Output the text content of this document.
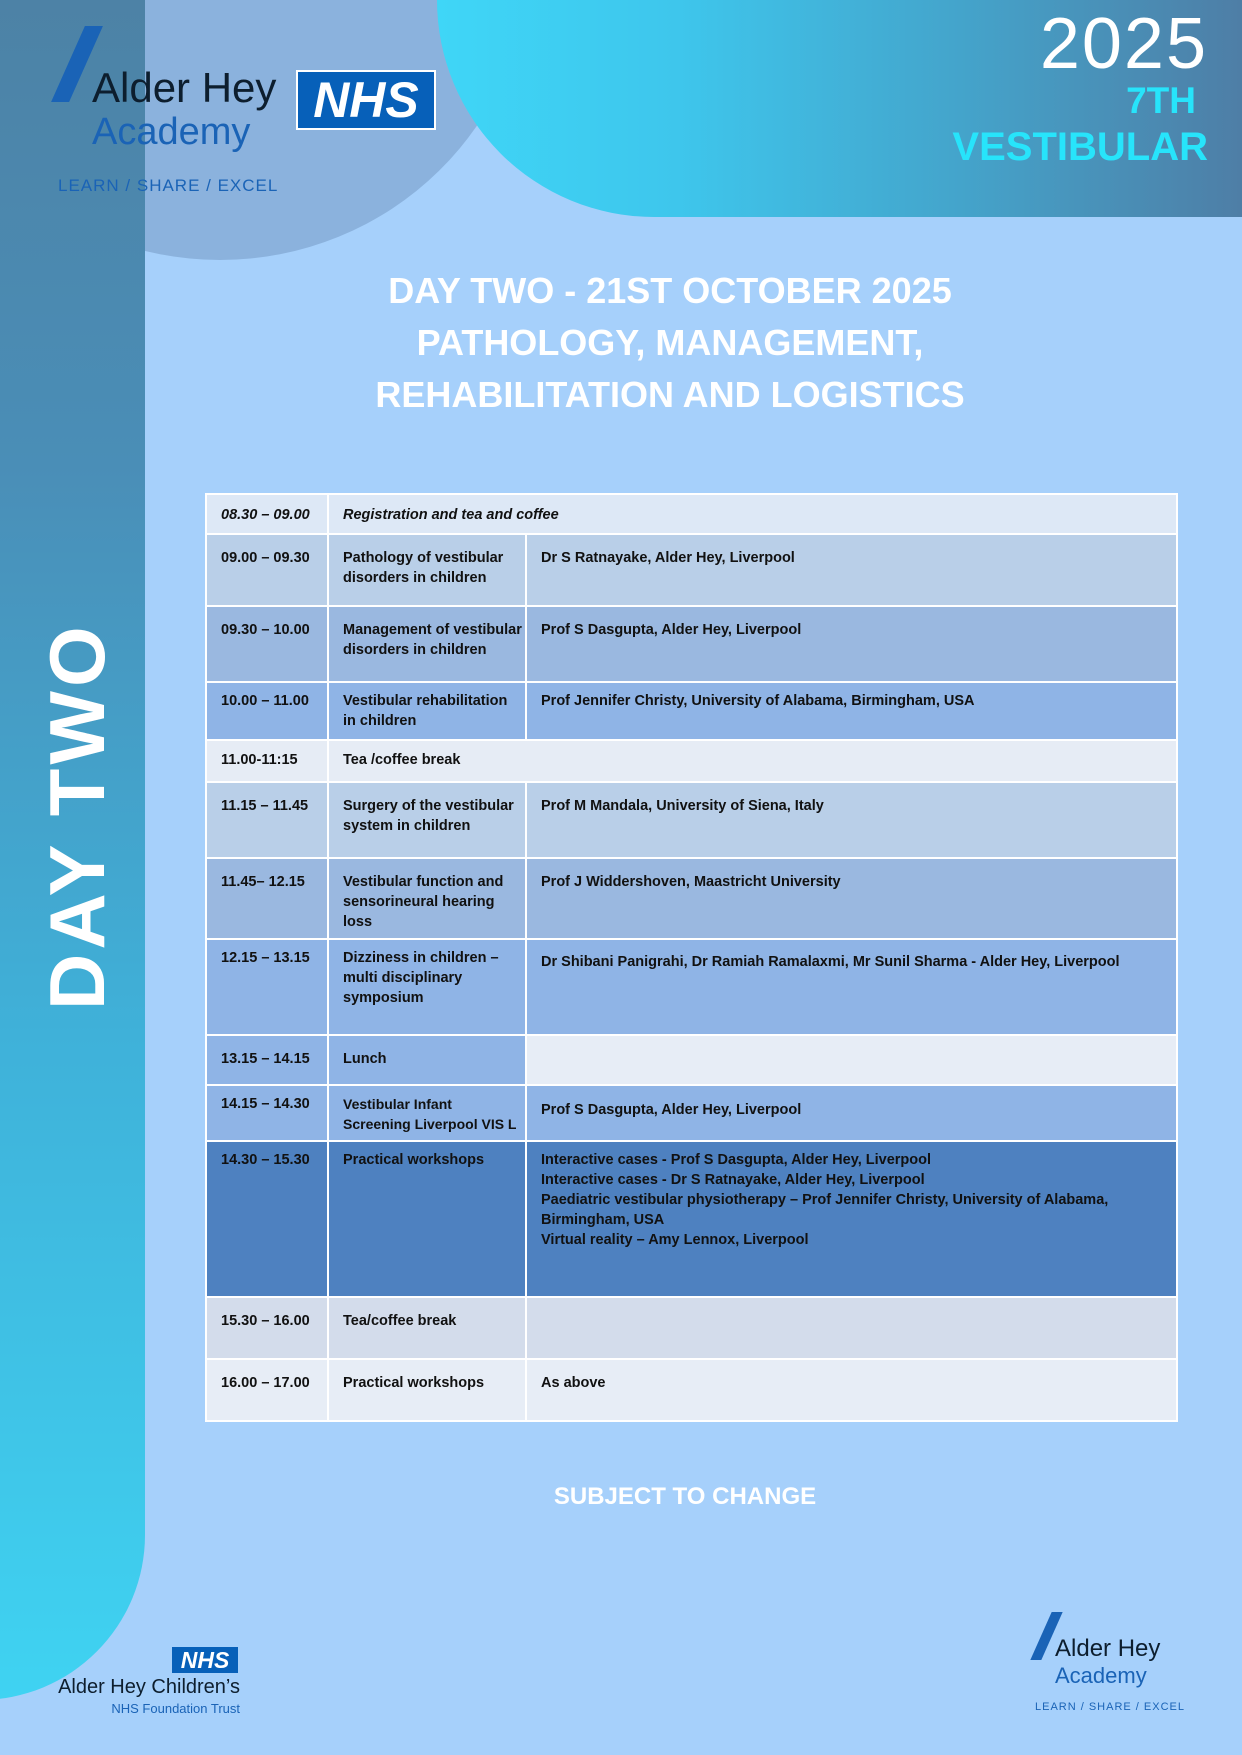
Alder Hey
Academy
LEARN / SHARE / EXCEL
NHS
2025
7TH
VESTIBULAR
DAY TWO - 21ST OCTOBER 2025
PATHOLOGY, MANAGEMENT,
REHABILITATION AND LOGISTICS
DAY TWO
08.30 – 09.00	Registration and tea and coffee	
09.00 – 09.30	Pathology of vestibular disorders in children	Dr S Ratnayake, Alder Hey, Liverpool
09.30 – 10.00	Management of vestibular disorders in children	Prof S Dasgupta, Alder Hey, Liverpool
10.00 – 11.00	Vestibular rehabilitation in children	Prof Jennifer Christy, University of Alabama, Birmingham, USA
11.00-11:15	Tea /coffee break	
11.15 – 11.45	Surgery of the vestibular system in children	Prof M Mandala, University of Siena, Italy
11.45– 12.15	Vestibular function and sensorineural hearing loss	Prof J Widdershoven, Maastricht University
12.15 – 13.15	Dizziness in children – multi disciplinary symposium	Dr Shibani Panigrahi, Dr Ramiah Ramalaxmi, Mr Sunil Sharma - Alder Hey, Liverpool
13.15 – 14.15	Lunch	
14.15 – 14.30	Vestibular Infant Screening Liverpool VIS L	Prof S Dasgupta, Alder Hey, Liverpool
14.30 – 15.30	Practical workshops	Interactive cases - Prof S Dasgupta, Alder Hey, Liverpool
Interactive cases - Dr S Ratnayake, Alder Hey, Liverpool
Paediatric vestibular physiotherapy – Prof Jennifer Christy, University of Alabama, Birmingham, USA
Virtual reality – Amy Lennox, Liverpool

15.30 – 16.00	Tea/coffee break	
16.00 – 17.00	Practical workshops	As above
SUBJECT TO CHANGE
NHS
Alder Hey Children’s
NHS Foundation Trust
Alder Hey
Academy
LEARN / SHARE / EXCEL
